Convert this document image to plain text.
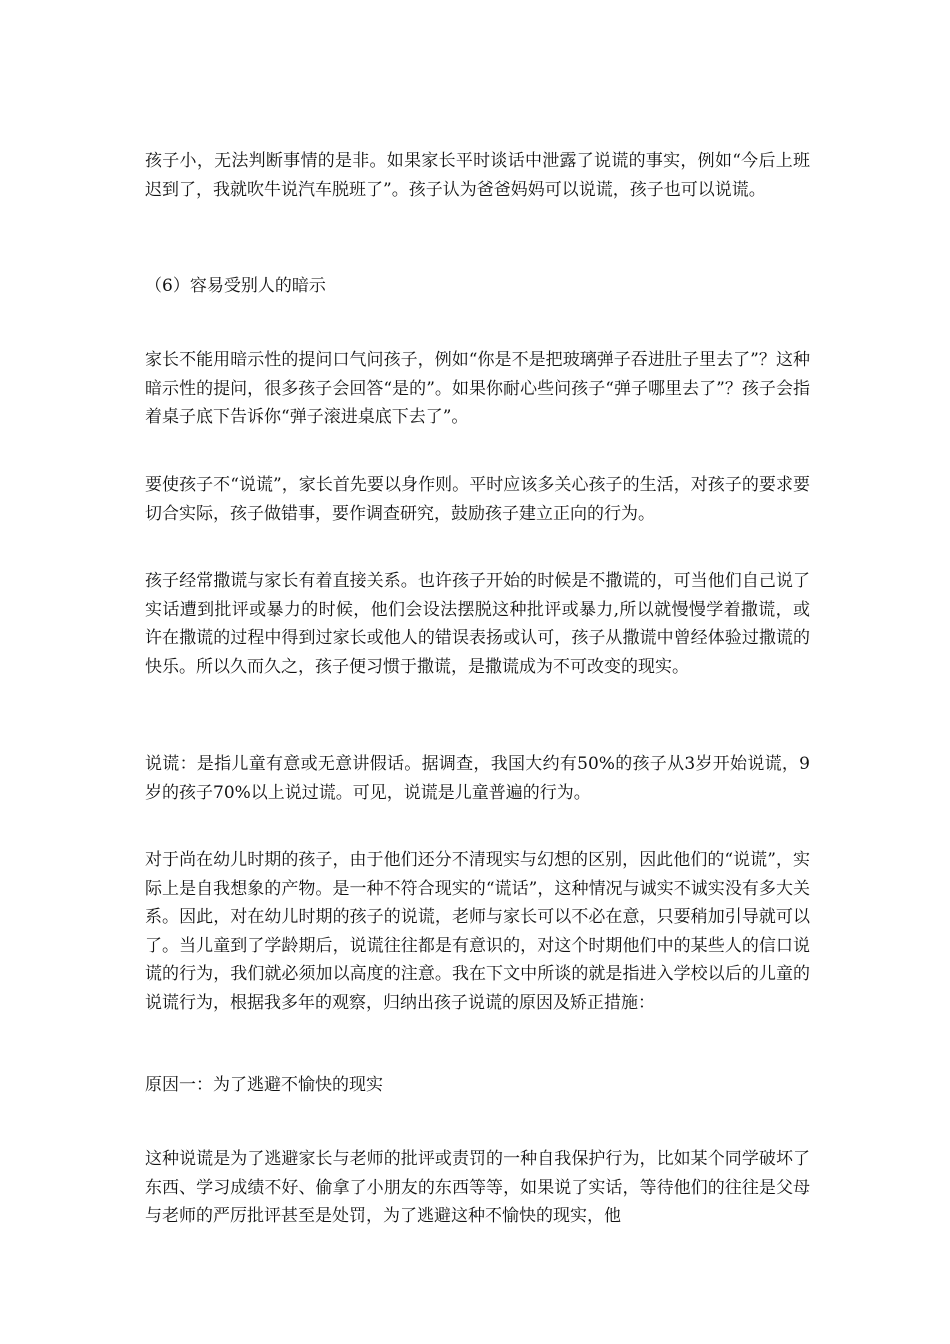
孩子小，无法判断事情的是非。如果家长平时谈话中泄露了说谎的事实，例如“今后上班迟到了，我就吹牛说汽车脱班了”。孩子认为爸爸妈妈可以说谎，孩子也可以说谎。

（6）容易受别人的暗示

家长不能用暗示性的提问口气问孩子，例如“你是不是把玻璃弹子吞进肚子里去了”？这种暗示性的提问，很多孩子会回答“是的”。如果你耐心些问孩子“弹子哪里去了”？孩子会指着桌子底下告诉你“弹子滚进桌底下去了”。

要使孩子不“说谎”，家长首先要以身作则。平时应该多关心孩子的生活，对孩子的要求要切合实际，孩子做错事，要作调查研究，鼓励孩子建立正向的行为。

孩子经常撒谎与家长有着直接关系。也许孩子开始的时候是不撒谎的，可当他们自己说了实话遭到批评或暴力的时候，他们会设法摆脱这种批评或暴力,所以就慢慢学着撒谎，或许在撒谎的过程中得到过家长或他人的错误表扬或认可，孩子从撒谎中曾经体验过撒谎的快乐。所以久而久之，孩子便习惯于撒谎，是撒谎成为不可改变的现实。

说谎：是指儿童有意或无意讲假话。据调查，我国大约有50%的孩子从3岁开始说谎，9岁的孩子70%以上说过谎。可见，说谎是儿童普遍的行为。

对于尚在幼儿时期的孩子，由于他们还分不清现实与幻想的区别，因此他们的“说谎”，实际上是自我想象的产物。是一种不符合现实的“谎话”，这种情况与诚实不诚实没有多大关系。因此，对在幼儿时期的孩子的说谎，老师与家长可以不必在意，只要稍加引导就可以了。当儿童到了学龄期后，说谎往往都是有意识的，对这个时期他们中的某些人的信口说谎的行为，我们就必须加以高度的注意。我在下文中所谈的就是指进入学校以后的儿童的说谎行为，根据我多年的观察，归纳出孩子说谎的原因及矫正措施：

原因一：为了逃避不愉快的现实

这种说谎是为了逃避家长与老师的批评或责罚的一种自我保护行为，比如某个同学破坏了东西、学习成绩不好、偷拿了小朋友的东西等等，如果说了实话，等待他们的往往是父母与老师的严厉批评甚至是处罚，为了逃避这种不愉快的现实，他
